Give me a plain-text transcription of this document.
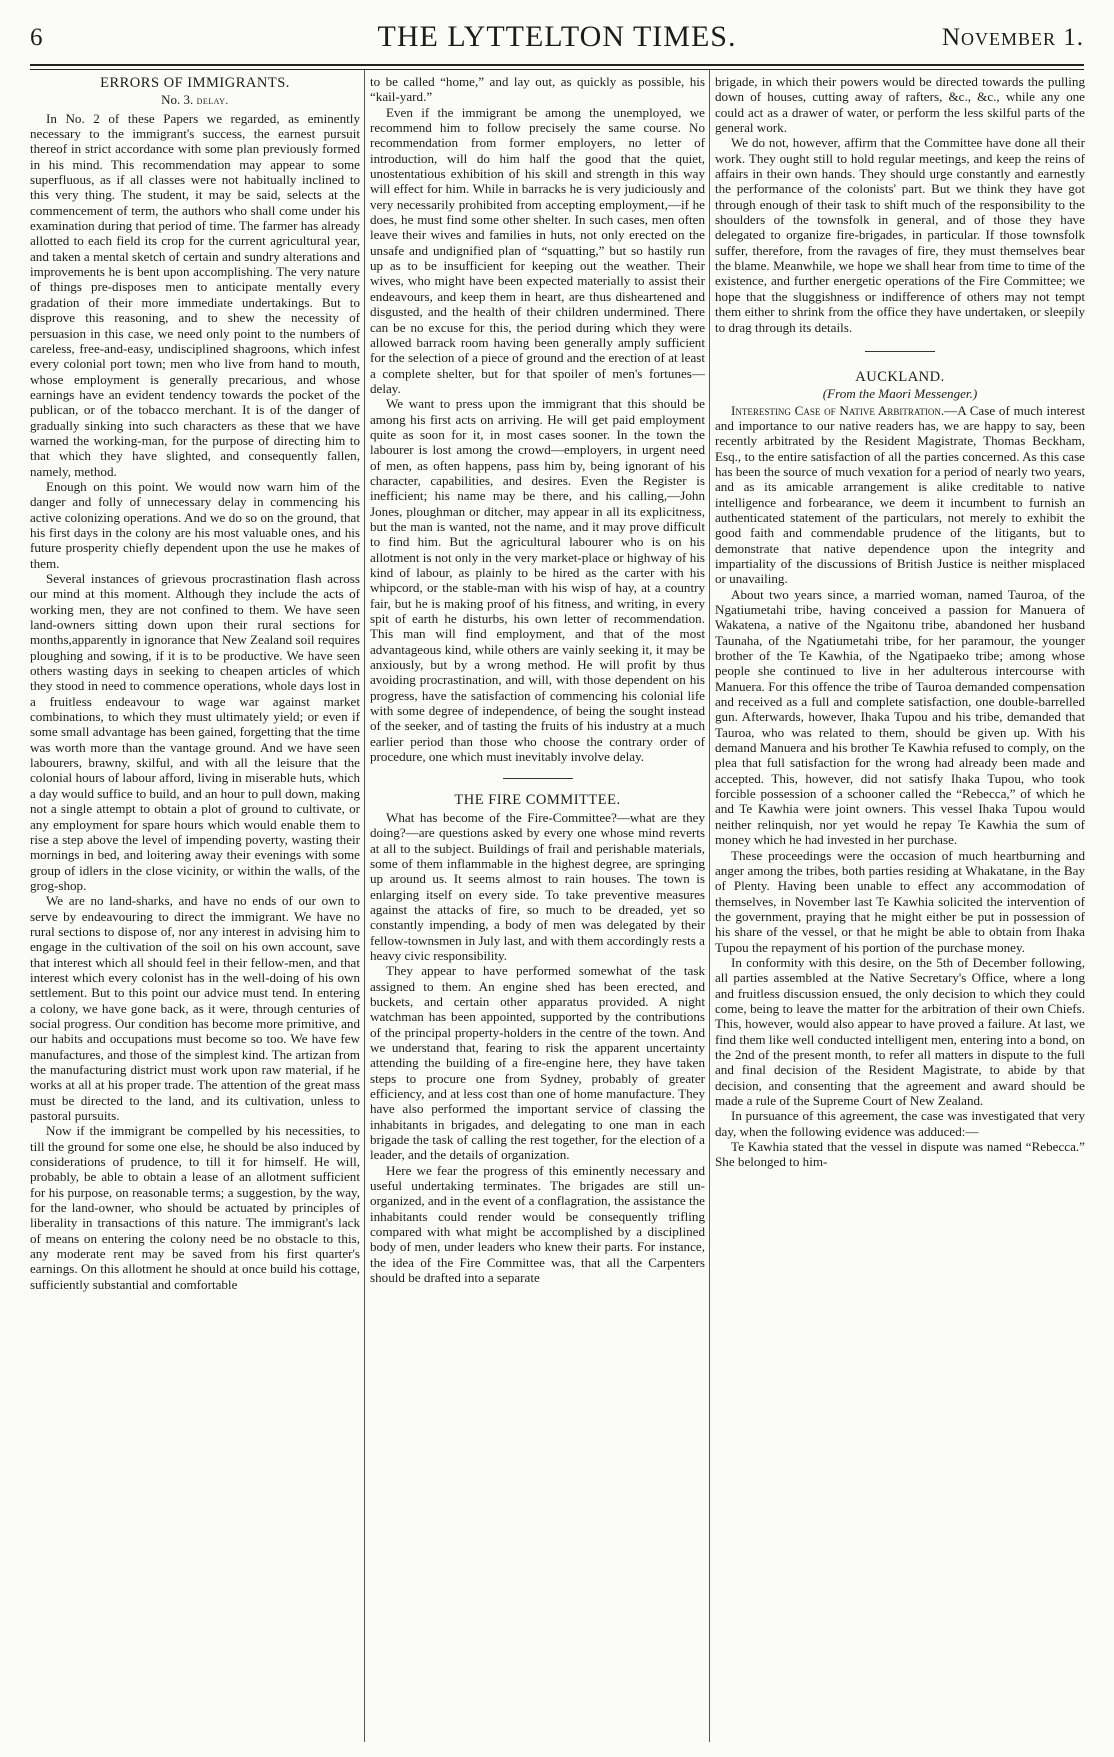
6	THE LYTTELTON TIMES.	November 1.
ERRORS OF IMMIGRANTS.
No. 3. delay.

In No. 2 of these Papers we regarded, as eminently necessary to the immigrant's success, the earnest pursuit thereof in strict accordance with some plan previously formed in his mind. This recommendation may appear to some superfluous, as if all classes were not habitually inclined to this very thing. The student, it may be said, selects at the commencement of term, the authors who shall come under his examination during that period of time. The farmer has already allotted to each field its crop for the current agricultural year, and taken a mental sketch of certain and sundry alterations and improvements he is bent upon accomplishing. The very nature of things pre-disposes men to anticipate mentally every gradation of their more immediate undertakings. But to disprove this reasoning, and to shew the necessity of persuasion in this case, we need only point to the numbers of careless, free-and-easy, undisciplined shagroons, which infest every colonial port town; men who live from hand to mouth, whose employment is generally precarious, and whose earnings have an evident tendency towards the pocket of the publican, or of the tobacco merchant. It is of the danger of gradually sinking into such characters as these that we have warned the working-man, for the purpose of directing him to that which they have slighted, and consequently fallen, namely, method.

Enough on this point. We would now warn him of the danger and folly of unnecessary delay in commencing his active colonizing operations. And we do so on the ground, that his first days in the colony are his most valuable ones, and his future prosperity chiefly dependent upon the use he makes of them.

Several instances of grievous procrastination flash across our mind at this moment. Although they include the acts of working men, they are not confined to them. We have seen land-owners sitting down upon their rural sections for months,apparently in ignorance that New Zealand soil requires ploughing and sowing, if it is to be productive. We have seen others wasting days in seeking to cheapen articles of which they stood in need to commence operations, whole days lost in a fruitless endeavour to wage war against market combinations, to which they must ultimately yield; or even if some small advantage has been gained, forgetting that the time was worth more than the vantage ground. And we have seen labourers, brawny, skilful, and with all the leisure that the colonial hours of labour afford, living in miserable huts, which a day would suffice to build, and an hour to pull down, making not a single attempt to obtain a plot of ground to cultivate, or any employment for spare hours which would enable them to rise a step above the level of impending poverty, wasting their mornings in bed, and loitering away their evenings with some group of idlers in the close vicinity, or within the walls, of the grog-shop.

We are no land-sharks, and have no ends of our own to serve by endeavouring to direct the immigrant. We have no rural sections to dispose of, nor any interest in advising him to engage in the cultivation of the soil on his own account, save that interest which all should feel in their fellow-men, and that interest which every colonist has in the well-doing of his own settlement. But to this point our advice must tend. In entering a colony, we have gone back, as it were, through centuries of social progress. Our condition has become more primitive, and our habits and occupations must become so too. We have few manufactures, and those of the simplest kind. The artizan from the manufacturing district must work upon raw material, if he works at all at his proper trade. The attention of the great mass must be directed to the land, and its cultivation, unless to pastoral pursuits.

Now if the immigrant be compelled by his necessities, to till the ground for some one else, he should be also induced by considerations of prudence, to till it for himself. He will, probably, be able to obtain a lease of an allotment sufficient for his purpose, on reasonable terms; a suggestion, by the way, for the land-owner, who should be actuated by principles of liberality in transactions of this nature. The immigrant's lack of means on entering the colony need be no obstacle to this, any moderate rent may be saved from his first quarter's earnings. On this allotment he should at once build his cottage, sufficiently substantial and comfortable

to be called “home,” and lay out, as quickly as possible, his “kail-yard.”

Even if the immigrant be among the unemployed, we recommend him to follow precisely the same course. No recommendation from former employers, no letter of introduction, will do him half the good that the quiet, unostentatious exhibition of his skill and strength in this way will effect for him. While in barracks he is very judiciously and very necessarily prohibited from accepting employment,—if he does, he must find some other shelter. In such cases, men often leave their wives and families in huts, not only erected on the unsafe and undignified plan of “squatting,” but so hastily run up as to be insufficient for keeping out the weather. Their wives, who might have been expected materially to assist their endeavours, and keep them in heart, are thus disheartened and disgusted, and the health of their children undermined. There can be no excuse for this, the period during which they were allowed barrack room having been generally amply sufficient for the selection of a piece of ground and the erection of at least a complete shelter, but for that spoiler of men's fortunes—delay.

We want to press upon the immigrant that this should be among his first acts on arriving. He will get paid employment quite as soon for it, in most cases sooner. In the town the labourer is lost among the crowd—employers, in urgent need of men, as often happens, pass him by, being ignorant of his character, capabilities, and desires. Even the Register is inefficient; his name may be there, and his calling,—John Jones, ploughman or ditcher, may appear in all its explicitness, but the man is wanted, not the name, and it may prove difficult to find him. But the agricultural labourer who is on his allotment is not only in the very market-place or highway of his kind of labour, as plainly to be hired as the carter with his whipcord, or the stable-man with his wisp of hay, at a country fair, but he is making proof of his fitness, and writing, in every spit of earth he disturbs, his own letter of recommendation. This man will find employment, and that of the most advantageous kind, while others are vainly seeking it, it may be anxiously, but by a wrong method. He will profit by thus avoiding procrastination, and will, with those dependent on his progress, have the satisfaction of commencing his colonial life with some degree of independence, of being the sought instead of the seeker, and of tasting the fruits of his industry at a much earlier period than those who choose the contrary order of procedure, one which must inevitably involve delay.

THE FIRE COMMITTEE.

What has become of the Fire-Committee?—what are they doing?—are questions asked by every one whose mind reverts at all to the subject. Buildings of frail and perishable materials, some of them inflammable in the highest degree, are springing up around us. It seems almost to rain houses. The town is enlarging itself on every side. To take preventive measures against the attacks of fire, so much to be dreaded, yet so constantly impending, a body of men was delegated by their fellow-townsmen in July last, and with them accordingly rests a heavy civic responsibility.

They appear to have performed somewhat of the task assigned to them. An engine shed has been erected, and buckets, and certain other apparatus provided. A night watchman has been appointed, supported by the contributions of the principal property-holders in the centre of the town. And we understand that, fearing to risk the apparent uncertainty attending the building of a fire-engine here, they have taken steps to procure one from Sydney, probably of greater efficiency, and at less cost than one of home manufacture. They have also performed the important service of classing the inhabitants in brigades, and delegating to one man in each brigade the task of calling the rest together, for the election of a leader, and the details of organization.

Here we fear the progress of this eminently necessary and useful undertaking terminates. The brigades are still un-organized, and in the event of a conflagration, the assistance the inhabitants could render would be consequently trifling compared with what might be accomplished by a disciplined body of men, under leaders who knew their parts. For instance, the idea of the Fire Committee was, that all the Carpenters should be drafted into a separate

brigade, in which their powers would be directed towards the pulling down of houses, cutting away of rafters, &c., &c., while any one could act as a drawer of water, or perform the less skilful parts of the general work.

We do not, however, affirm that the Committee have done all their work. They ought still to hold regular meetings, and keep the reins of affairs in their own hands. They should urge constantly and earnestly the performance of the colonists' part. But we think they have got through enough of their task to shift much of the responsibility to the shoulders of the townsfolk in general, and of those they have delegated to organize fire-brigades, in particular. If those townsfolk suffer, therefore, from the ravages of fire, they must themselves bear the blame. Meanwhile, we hope we shall hear from time to time of the existence, and further energetic operations of the Fire Committee; we hope that the sluggishness or indifference of others may not tempt them either to shrink from the office they have undertaken, or sleepily to drag through its details.

AUCKLAND.
(From the Maori Messenger.)

Interesting Case of Native Arbitration.—A Case of much interest and importance to our native readers has, we are happy to say, been recently arbitrated by the Resident Magistrate, Thomas Beckham, Esq., to the entire satisfaction of all the parties concerned. As this case has been the source of much vexation for a period of nearly two years, and as its amicable arrangement is alike creditable to native intelligence and forbearance, we deem it incumbent to furnish an authenticated statement of the particulars, not merely to exhibit the good faith and commendable prudence of the litigants, but to demonstrate that native dependence upon the integrity and impartiality of the discussions of British Justice is neither misplaced or unavailing.

About two years since, a married woman, named Tauroa, of the Ngatiumetahi tribe, having conceived a passion for Manuera of Wakatena, a native of the Ngaitonu tribe, abandoned her husband Taunaha, of the Ngatiumetahi tribe, for her paramour, the younger brother of the Te Kawhia, of the Ngatipaeko tribe; among whose people she continued to live in her adulterous intercourse with Manuera. For this offence the tribe of Tauroa demanded compensation and received as a full and complete satisfaction, one double-barrelled gun. Afterwards, however, Ihaka Tupou and his tribe, demanded that Tauroa, who was related to them, should be given up. With his demand Manuera and his brother Te Kawhia refused to comply, on the plea that full satisfaction for the wrong had already been made and accepted. This, however, did not satisfy Ihaka Tupou, who took forcible possession of a schooner called the “Rebecca,” of which he and Te Kawhia were joint owners. This vessel Ihaka Tupou would neither relinquish, nor yet would he repay Te Kawhia the sum of money which he had invested in her purchase.

These proceedings were the occasion of much heartburning and anger among the tribes, both parties residing at Whakatane, in the Bay of Plenty. Having been unable to effect any accommodation of themselves, in November last Te Kawhia solicited the intervention of the government, praying that he might either be put in possession of his share of the vessel, or that he might be able to obtain from Ihaka Tupou the repayment of his portion of the purchase money.

In conformity with this desire, on the 5th of December following, all parties assembled at the Native Secretary's Office, where a long and fruitless discussion ensued, the only decision to which they could come, being to leave the matter for the arbitration of their own Chiefs. This, however, would also appear to have proved a failure. At last, we find them like well conducted intelligent men, entering into a bond, on the 2nd of the present month, to refer all matters in dispute to the full and final decision of the Resident Magistrate, to abide by that decision, and consenting that the agreement and award should be made a rule of the Supreme Court of New Zealand.

In pursuance of this agreement, the case was investigated that very day, when the following evidence was adduced:—

Te Kawhia stated that the vessel in dispute was named “Rebecca.” She belonged to him-
